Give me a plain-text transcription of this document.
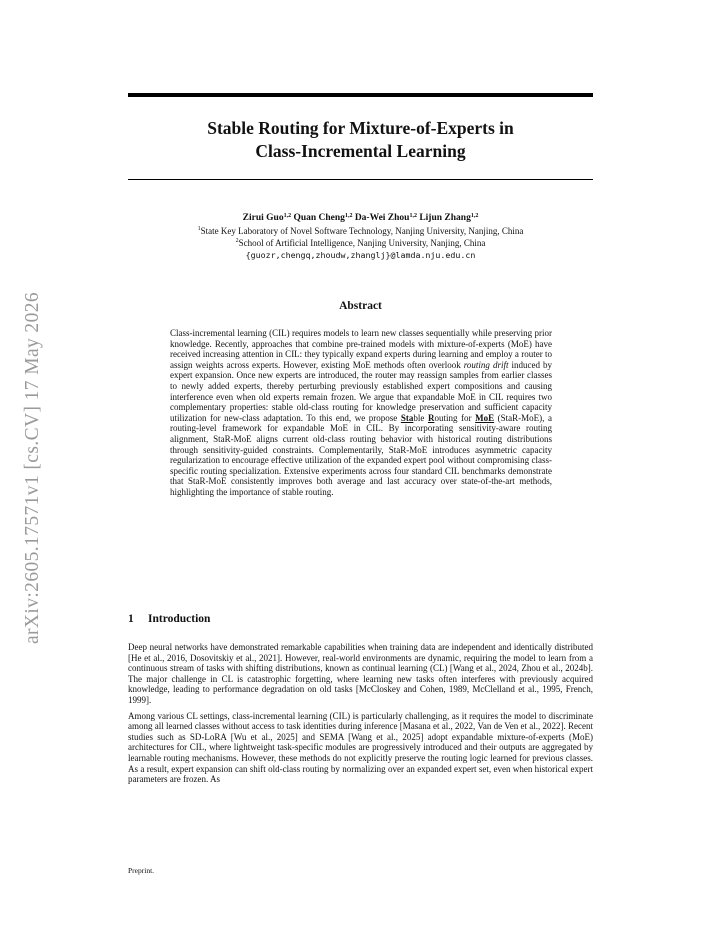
arXiv:2605.17571v1 [cs.CV] 17 May 2026
Stable Routing for Mixture-of-Experts in
Class-Incremental Learning
Zirui Guo$^{1,2}$ Quan Cheng$^{1,2}$ Da-Wei Zhou$^{1,2}$ Lijun Zhang$^{1,2}$
$^1$State Key Laboratory of Novel Software Technology, Nanjing University, Nanjing, China
$^2$School of Artificial Intelligence, Nanjing University, Nanjing, China
{guozr,chengq,zhoudw,zhanglj}@lamda.nju.edu.cn
Abstract
Class-incremental learning (CIL) requires models to learn new classes sequentially while preserving prior knowledge. Recently, approaches that combine pre-trained models with mixture-of-experts (MoE) have received increasing attention in CIL: they typically expand experts during learning and employ a router to assign weights across experts. However, existing MoE methods often overlook routing drift induced by expert expansion. Once new experts are introduced, the router may reassign samples from earlier classes to newly added experts, thereby perturbing previously established expert compositions and causing interference even when old experts remain frozen. We argue that expandable MoE in CIL requires two complementary properties: stable old-class routing for knowledge preservation and sufficient capacity utilization for new-class adaptation. To this end, we propose Stable Routing for MoE (StaR-MoE), a routing-level framework for expandable MoE in CIL. By incorporating sensitivity-aware routing alignment, StaR-MoE aligns current old-class routing behavior with historical routing distributions through sensitivity-guided constraints. Complementarily, StaR-MoE introduces asymmetric capacity regularization to encourage effective utilization of the expanded expert pool without compromising class-specific routing specialization. Extensive experiments across four standard CIL benchmarks demonstrate that StaR-MoE consistently improves both average and last accuracy over state-of-the-art methods, highlighting the importance of stable routing.
1 Introduction

Deep neural networks have demonstrated remarkable capabilities when training data are independent and identically distributed [He et al., 2016, Dosovitskiy et al., 2021]. However, real-world environments are dynamic, requiring the model to learn from a continuous stream of tasks with shifting distributions, known as continual learning (CL) [Wang et al., 2024, Zhou et al., 2024b]. The major challenge in CL is catastrophic forgetting, where learning new tasks often interferes with previously acquired knowledge, leading to performance degradation on old tasks [McCloskey and Cohen, 1989, McClelland et al., 1995, French, 1999].

Among various CL settings, class-incremental learning (CIL) is particularly challenging, as it requires the model to discriminate among all learned classes without access to task identities during inference [Masana et al., 2022, Van de Ven et al., 2022]. Recent studies such as SD-LoRA [Wu et al., 2025] and SEMA [Wang et al., 2025] adopt expandable mixture-of-experts (MoE) architectures for CIL, where lightweight task-specific modules are progressively introduced and their outputs are aggregated by learnable routing mechanisms. However, these methods do not explicitly preserve the routing logic learned for previous classes. As a result, expert expansion can shift old-class routing by normalizing over an expanded expert set, even when historical expert parameters are frozen. As

Preprint.
